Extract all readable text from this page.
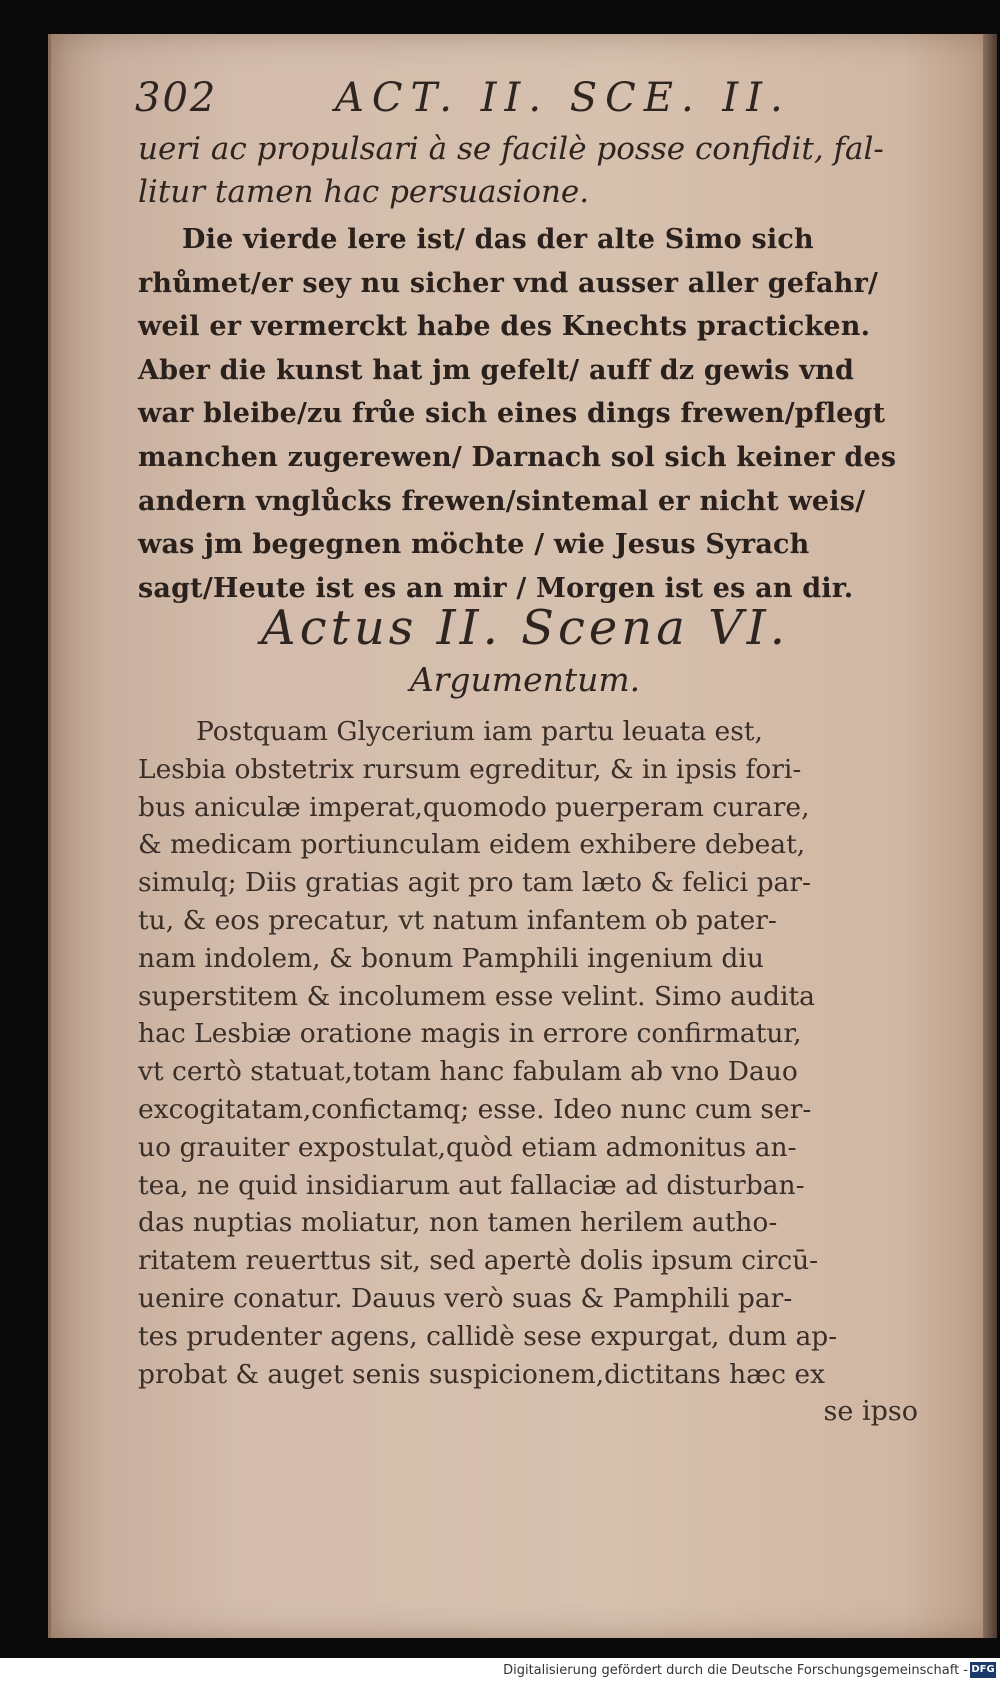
302	ACT. II. SCE. II.
ueri ac propulsari à se facilè posse confidit, fal-
litur tamen hac persuasione.
Die vierde lere ist/ das der alte Simo sich
rhůmet/er sey nu sicher vnd ausser aller gefahr/
weil er vermerckt habe des Knechts practicken.
Aber die kunst hat jm gefelt/ auff dz gewis vnd
war bleibe/zu frůe sich eines dings frewen/pflegt
manchen zugerewen/ Darnach sol sich keiner des
andern vnglůcks frewen/sintemal er nicht weis/
was jm begegnen möchte / wie Jesus Syrach
sagt/Heute ist es an mir / Morgen ist es an dir.
Actus II. Scena VI.
Argumentum.
Postquam Glycerium iam partu leuata est,
Lesbia obstetrix rursum egreditur, & in ipsis fori-
bus aniculæ imperat,quomodo puerperam curare,
& medicam portiunculam eidem exhibere debeat,
simulq; Diis gratias agit pro tam læto & felici par-
tu, & eos precatur, vt natum infantem ob pater-
nam indolem, & bonum Pamphili ingenium diu
superstitem & incolumem esse velint. Simo audita
hac Lesbiæ oratione magis in errore confirmatur,
vt certò statuat,totam hanc fabulam ab vno Dauo
excogitatam,confictamq; esse. Ideo nunc cum ser-
uo grauiter expostulat,quòd etiam admonitus an-
tea, ne quid insidiarum aut fallaciæ ad disturban-
das nuptias moliatur, non tamen herilem autho-
ritatem reuerttus sit, sed apertè dolis ipsum circū-
uenire conatur. Dauus verò suas & Pamphili par-
tes prudenter agens, callidè sese expurgat, dum ap-
probat & auget senis suspicionem,dictitans hæc ex
se ipso
Digitalisierung gefördert durch die Deutsche Forschungsgemeinschaft - DFG
